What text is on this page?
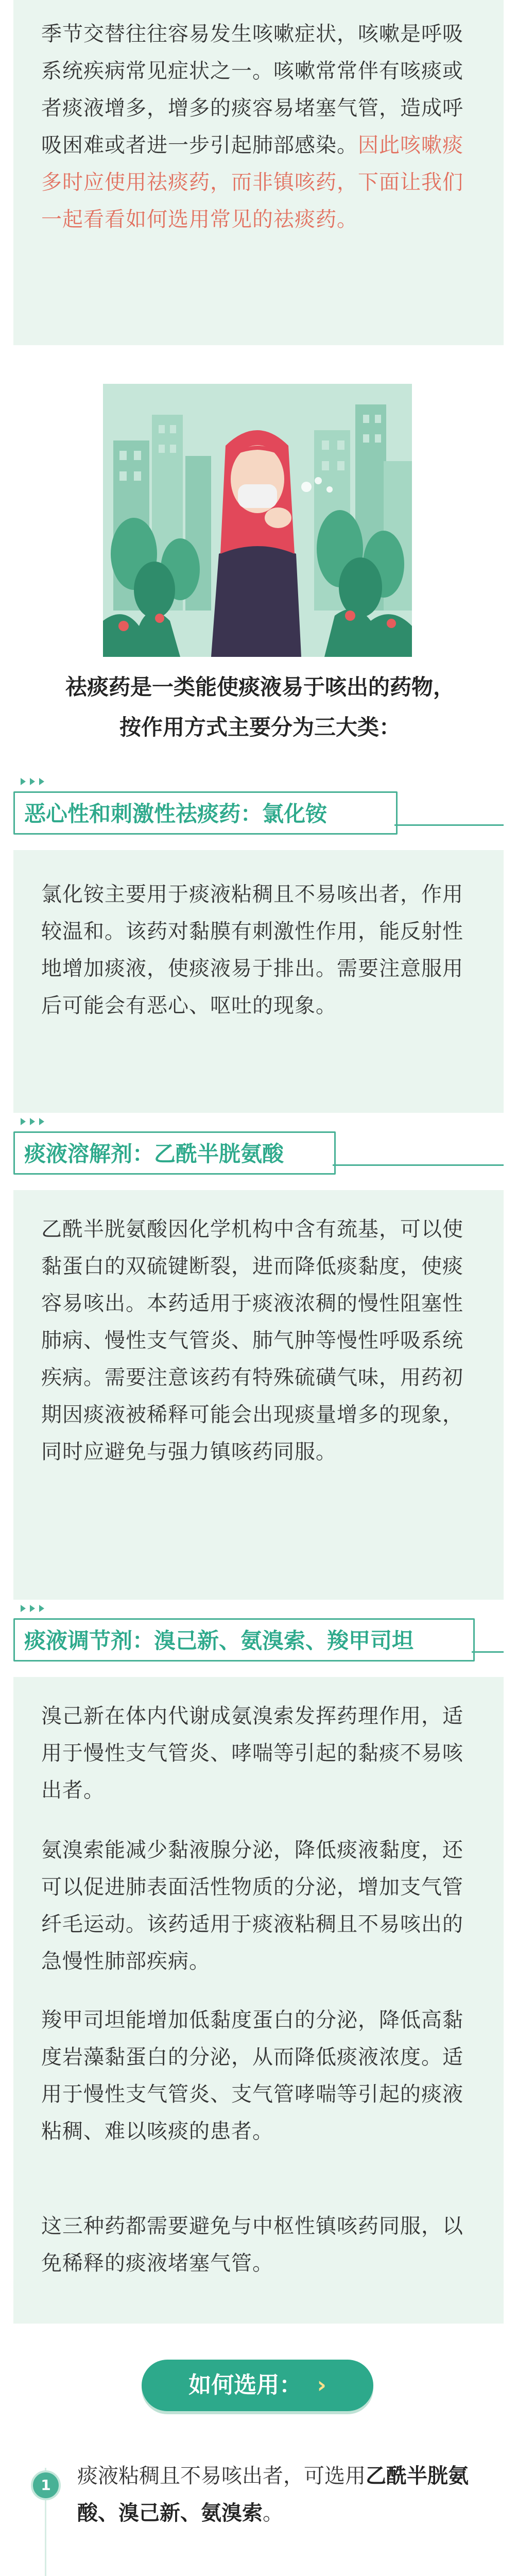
季节交替往往容易发生咳嗽症状，咳嗽是呼吸系统疾病常见症状之一。咳嗽常常伴有咳痰或者痰液增多，增多的痰容易堵塞气管，造成呼吸困难或者进一步引起肺部感染。因此咳嗽痰多时应使用祛痰药，而非镇咳药，下面让我们一起看看如何选用常见的祛痰药。

祛痰药是一类能使痰液易于咳出的药物，按作用方式主要分为三大类：
恶心性和刺激性祛痰药：氯化铵

氯化铵主要用于痰液粘稠且不易咳出者，作用较温和。该药对黏膜有刺激性作用，能反射性地增加痰液，使痰液易于排出。需要注意服用后可能会有恶心、呕吐的现象。

痰液溶解剂：乙酰半胱氨酸

乙酰半胱氨酸因化学机构中含有巯基，可以使黏蛋白的双硫键断裂，进而降低痰黏度，使痰容易咳出。本药适用于痰液浓稠的慢性阻塞性肺病、慢性支气管炎、肺气肿等慢性呼吸系统疾病。需要注意该药有特殊硫磺气味，用药初期因痰液被稀释可能会出现痰量增多的现象，同时应避免与强力镇咳药同服。

痰液调节剂：溴己新、氨溴索、羧甲司坦

溴己新在体内代谢成氨溴索发挥药理作用，适用于慢性支气管炎、哮喘等引起的黏痰不易咳出者。

氨溴索能减少黏液腺分泌，降低痰液黏度，还可以促进肺表面活性物质的分泌，增加支气管纤毛运动。该药适用于痰液粘稠且不易咳出的急慢性肺部疾病。

羧甲司坦能增加低黏度蛋白的分泌，降低高黏度岩藻黏蛋白的分泌，从而降低痰液浓度。适用于慢性支气管炎、支气管哮喘等引起的痰液粘稠、难以咳痰的患者。

这三种药都需要避免与中枢性镇咳药同服，以免稀释的痰液堵塞气管。

如何选用： ›
1	痰液粘稠且不易咳出者，可选用乙酰半胱氨酸、溴己新、氨溴索。
